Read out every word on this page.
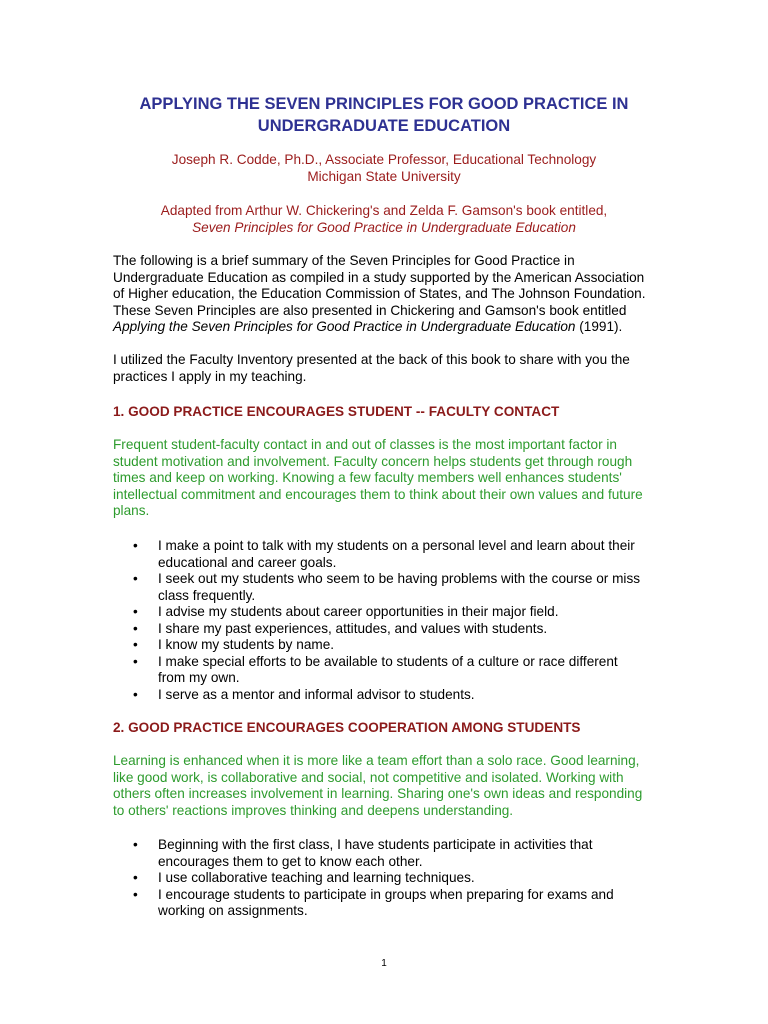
APPLYING THE SEVEN PRINCIPLES FOR GOOD PRACTICE IN
UNDERGRADUATE EDUCATION
Joseph R. Codde, Ph.D., Associate Professor, Educational Technology
Michigan State University
Adapted from Arthur W. Chickering's and Zelda F. Gamson's book entitled,
Seven Principles for Good Practice in Undergraduate Education
The following is a brief summary of the Seven Principles for Good Practice in
Undergraduate Education as compiled in a study supported by the American Association
of Higher education, the Education Commission of States, and The Johnson Foundation.
These Seven Principles are also presented in Chickering and Gamson's book entitled
Applying the Seven Principles for Good Practice in Undergraduate Education (1991).
I utilized the Faculty Inventory presented at the back of this book to share with you the
practices I apply in my teaching.
1. GOOD PRACTICE ENCOURAGES STUDENT -- FACULTY CONTACT
Frequent student-faculty contact in and out of classes is the most important factor in
student motivation and involvement. Faculty concern helps students get through rough
times and keep on working. Knowing a few faculty members well enhances students'
intellectual commitment and encourages them to think about their own values and future
plans.
• I make a point to talk with my students on a personal level and learn about their
educational and career goals.
• I seek out my students who seem to be having problems with the course or miss
class frequently.
• I advise my students about career opportunities in their major field.
• I share my past experiences, attitudes, and values with students.
• I know my students by name.
• I make special efforts to be available to students of a culture or race different
from my own.
• I serve as a mentor and informal advisor to students.
2. GOOD PRACTICE ENCOURAGES COOPERATION AMONG STUDENTS
Learning is enhanced when it is more like a team effort than a solo race. Good learning,
like good work, is collaborative and social, not competitive and isolated. Working with
others often increases involvement in learning. Sharing one's own ideas and responding
to others' reactions improves thinking and deepens understanding.
• Beginning with the first class, I have students participate in activities that
encourages them to get to know each other.
• I use collaborative teaching and learning techniques.
• I encourage students to participate in groups when preparing for exams and
working on assignments.
1
